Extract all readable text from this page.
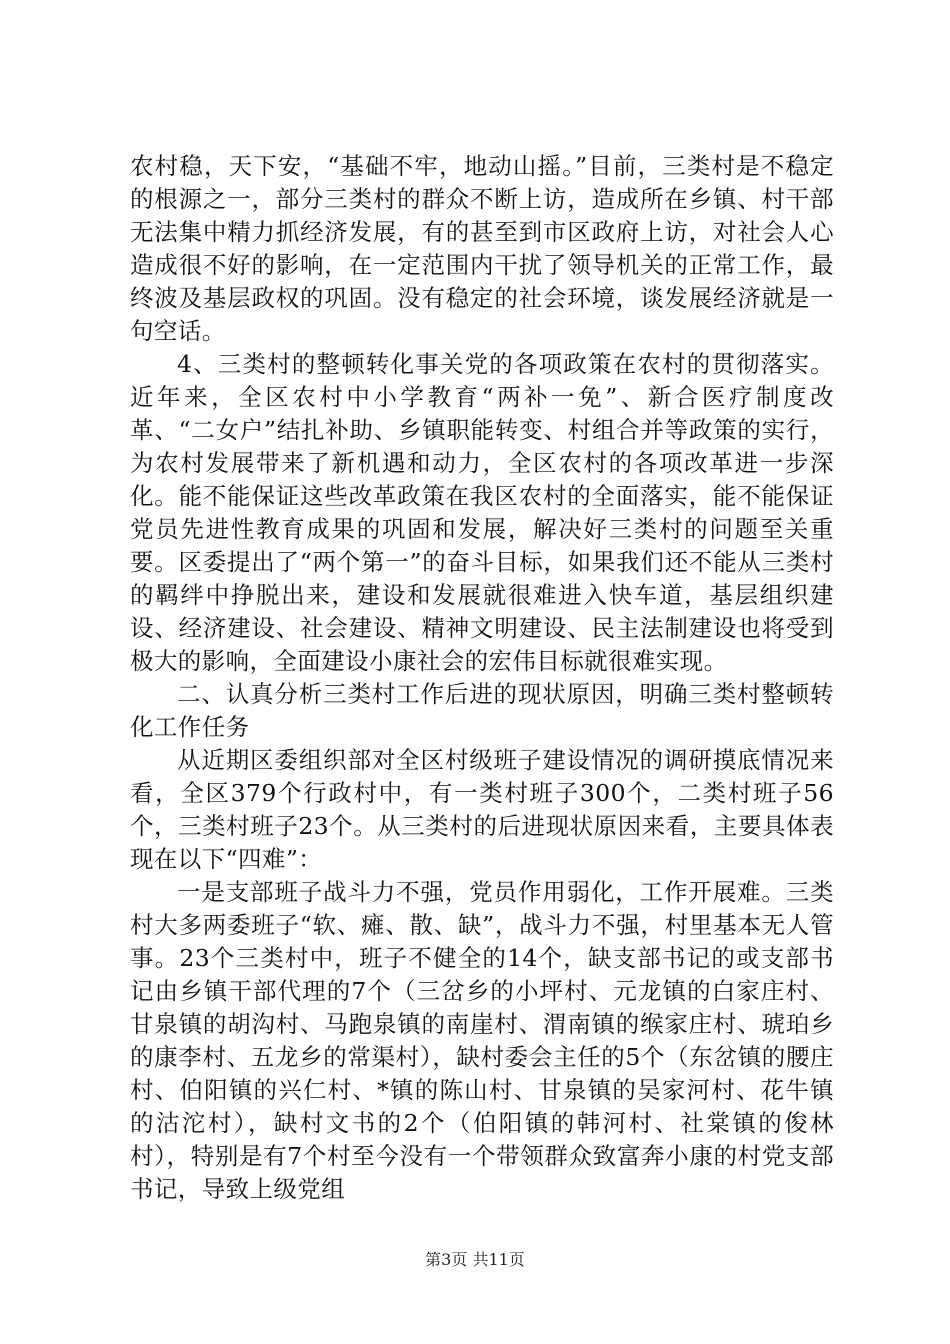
农村稳，天下安，“基础不牢，地动山摇。”目前，三类村是不稳定的根源之一，部分三类村的群众不断上访，造成所在乡镇、村干部无法集中精力抓经济发展，有的甚至到市区政府上访，对社会人心造成很不好的影响，在一定范围内干扰了领导机关的正常工作，最终波及基层政权的巩固。没有稳定的社会环境，谈发展经济就是一句空话。

4、三类村的整顿转化事关党的各项政策在农村的贯彻落实。近年来，全区农村中小学教育“两补一免”、新合医疗制度改革、“二女户”结扎补助、乡镇职能转变、村组合并等政策的实行，为农村发展带来了新机遇和动力，全区农村的各项改革进一步深化。能不能保证这些改革政策在我区农村的全面落实，能不能保证党员先进性教育成果的巩固和发展，解决好三类村的问题至关重要。区委提出了“两个第一”的奋斗目标，如果我们还不能从三类村的羁绊中挣脱出来，建设和发展就很难进入快车道，基层组织建设、经济建设、社会建设、精神文明建设、民主法制建设也将受到极大的影响，全面建设小康社会的宏伟目标就很难实现。

二、认真分析三类村工作后进的现状原因，明确三类村整顿转化工作任务

从近期区委组织部对全区村级班子建设情况的调研摸底情况来看，全区379个行政村中，有一类村班子300个，二类村班子56个，三类村班子23个。从三类村的后进现状原因来看，主要具体表现在以下“四难”：

一是支部班子战斗力不强，党员作用弱化，工作开展难。三类村大多两委班子“软、瘫、散、缺”，战斗力不强，村里基本无人管事。23个三类村中，班子不健全的14个，缺支部书记的或支部书记由乡镇干部代理的7个（三岔乡的小坪村、元龙镇的白家庄村、甘泉镇的胡沟村、马跑泉镇的南崖村、渭南镇的缑家庄村、琥珀乡的康李村、五龙乡的常渠村），缺村委会主任的5个（东岔镇的腰庄村、伯阳镇的兴仁村、*镇的陈山村、甘泉镇的吴家河村、花牛镇的沽沱村），缺村文书的2个（伯阳镇的韩河村、社棠镇的俊林村），特别是有7个村至今没有一个带领群众致富奔小康的村党支部书记，导致上级党组

第3页 共11页
